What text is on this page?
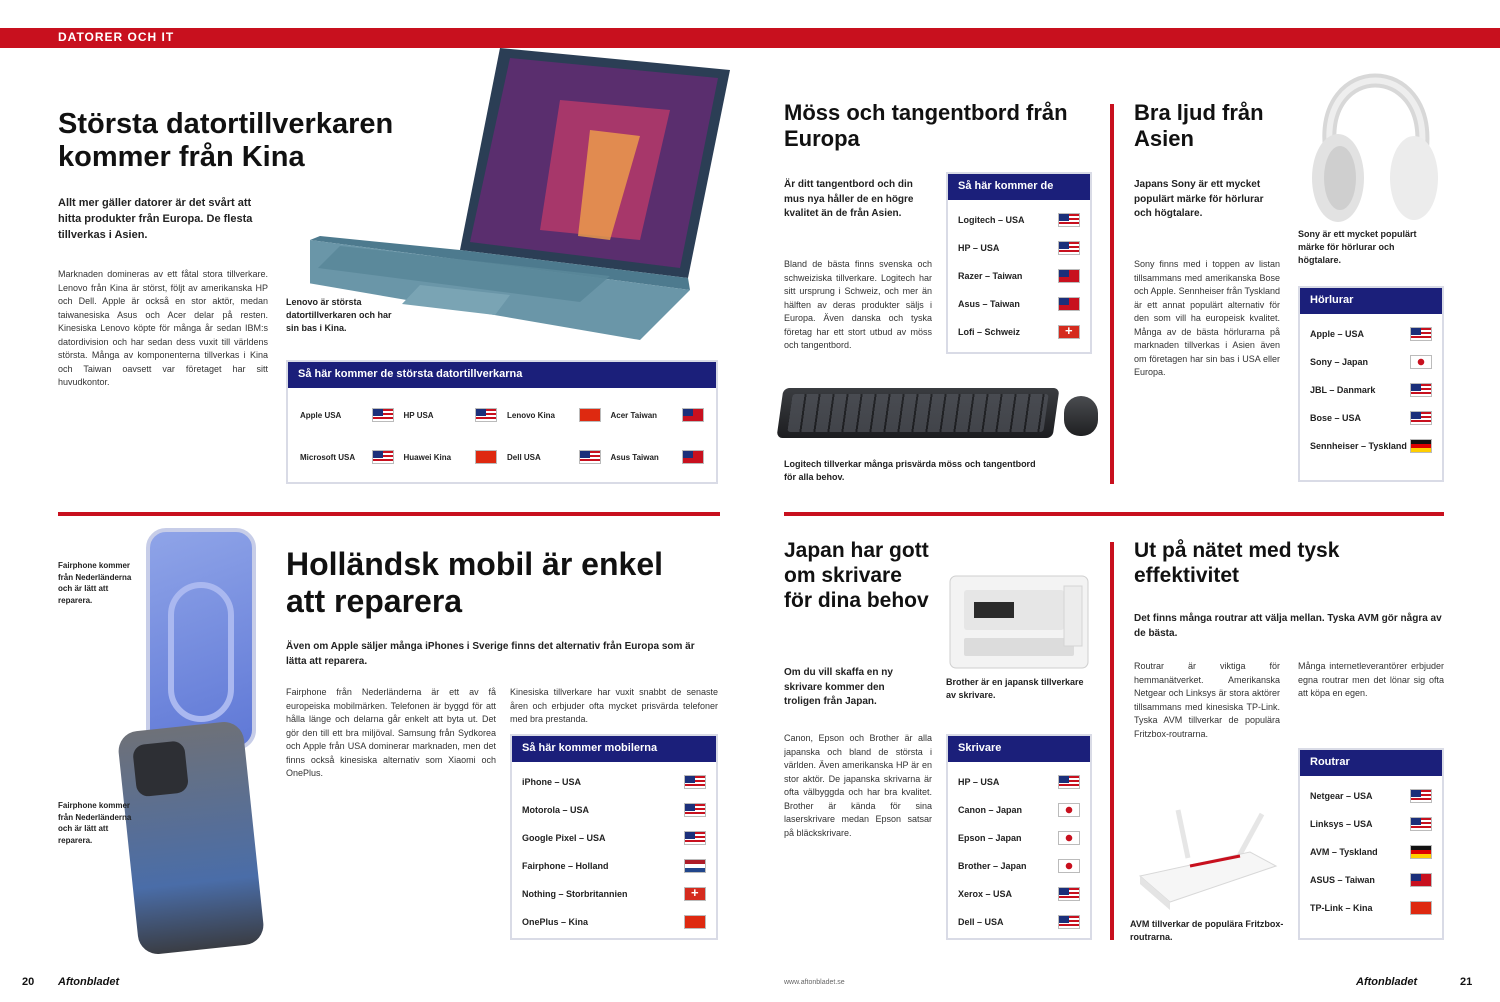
DATORER OCH IT
Största datortillverkaren kommer från Kina

Allt mer gäller datorer är det svårt att hitta produkter från Europa. De flesta tillverkas i Asien.

Marknaden domineras av ett fåtal stora tillverkare. Lenovo från Kina är störst, följt av amerikanska HP och Dell. Apple är också en stor aktör, medan taiwanesiska Asus och Acer delar på resten. Kinesiska Lenovo köpte för många år sedan IBM:s datordivision och har sedan dess vuxit till världens största. Många av komponenterna tillverkas i Kina och Taiwan oavsett var företaget har sitt huvudkontor.

Lenovo är största datortillverkaren och har sin bas i Kina.

Så här kommer de största datortillverkarna
Apple USA	HP USA	Lenovo Kina	Acer Taiwan
Microsoft USA	Huawei Kina	Dell USA	Asus Taiwan
Möss och tangentbord från Europa

Är ditt tangentbord och din mus nya håller de en högre kvalitet än de från Asien.

Bland de bästa finns svenska och schweiziska tillverkare. Logitech har sitt ursprung i Schweiz, och mer än hälften av deras produkter säljs i Europa. Även danska och tyska företag har ett stort utbud av möss och tangentbord.

Så här kommer de
Logitech – USA
HP – USA
Razer – Taiwan
Asus – Taiwan
Lofi – Schweiz
+

Logitech tillverkar många prisvärda möss och tangentbord för alla behov.

Bra ljud från Asien

Japans Sony är ett mycket populärt märke för hörlurar och högtalare.

Sony finns med i toppen av listan tillsammans med amerikanska Bose och Apple. Sennheiser från Tyskland är ett annat populärt alternativ för den som vill ha europeisk kvalitet. Många av de bästa hörlurarna på marknaden tillverkas i Asien även om företagen har sin bas i USA eller Europa.

Sony är ett mycket populärt märke för hörlurar och högtalare.

Hörlurar
Apple – USA
Sony – Japan
JBL – Danmark
Bose – USA
Sennheiser – Tyskland

Fairphone kommer från Nederländerna och är lätt att reparera.

Fairphone kommer från Nederländerna och är lätt att reparera.

Holländsk mobil är enkel att reparera

Även om Apple säljer många iPhones i Sverige finns det alternativ från Europa som är lätta att reparera.

Fairphone från Nederländerna är ett av få europeiska mobilmärken. Telefonen är byggd för att hålla länge och delarna går enkelt att byta ut. Det gör den till ett bra miljöval. Samsung från Sydkorea och Apple från USA dominerar marknaden, men det finns också kinesiska alternativ som Xiaomi och OnePlus.

Kinesiska tillverkare har vuxit snabbt de senaste åren och erbjuder ofta mycket prisvärda telefoner med bra prestanda.

Så här kommer mobilerna
iPhone – USA
Motorola – USA
Google Pixel – USA
Fairphone – Holland
Nothing – Storbritannien
+
OnePlus – Kina
Japan har gott om skrivare för dina behov

Om du vill skaffa en ny skrivare kommer den troligen från Japan.

Canon, Epson och Brother är alla japanska och bland de största i världen. Även amerikanska HP är en stor aktör. De japanska skrivarna är ofta välbyggda och har bra kvalitet. Brother är kända för sina laserskrivare medan Epson satsar på bläckskrivare.

Brother är en japansk tillverkare av skrivare.

Skrivare
HP – USA
Canon – Japan
Epson – Japan
Brother – Japan
Xerox – USA
Dell – USA
Ut på nätet med tysk effektivitet

Det finns många routrar att välja mellan. Tyska AVM gör några av de bästa.

Routrar är viktiga för hemmanätverket. Amerikanska Netgear och Linksys är stora aktörer tillsammans med kinesiska TP-Link. Tyska AVM tillverkar de populära Fritzbox-routrarna.

Många internetleverantörer erbjuder egna routrar men det lönar sig ofta att köpa en egen.

AVM tillverkar de populära Fritzbox-routrarna.

Routrar
Netgear – USA
Linksys – USA
AVM – Tyskland
ASUS – Taiwan
TP-Link – Kina
20 Aftonbladet	www.aftonbladet.se	Aftonbladet	21
